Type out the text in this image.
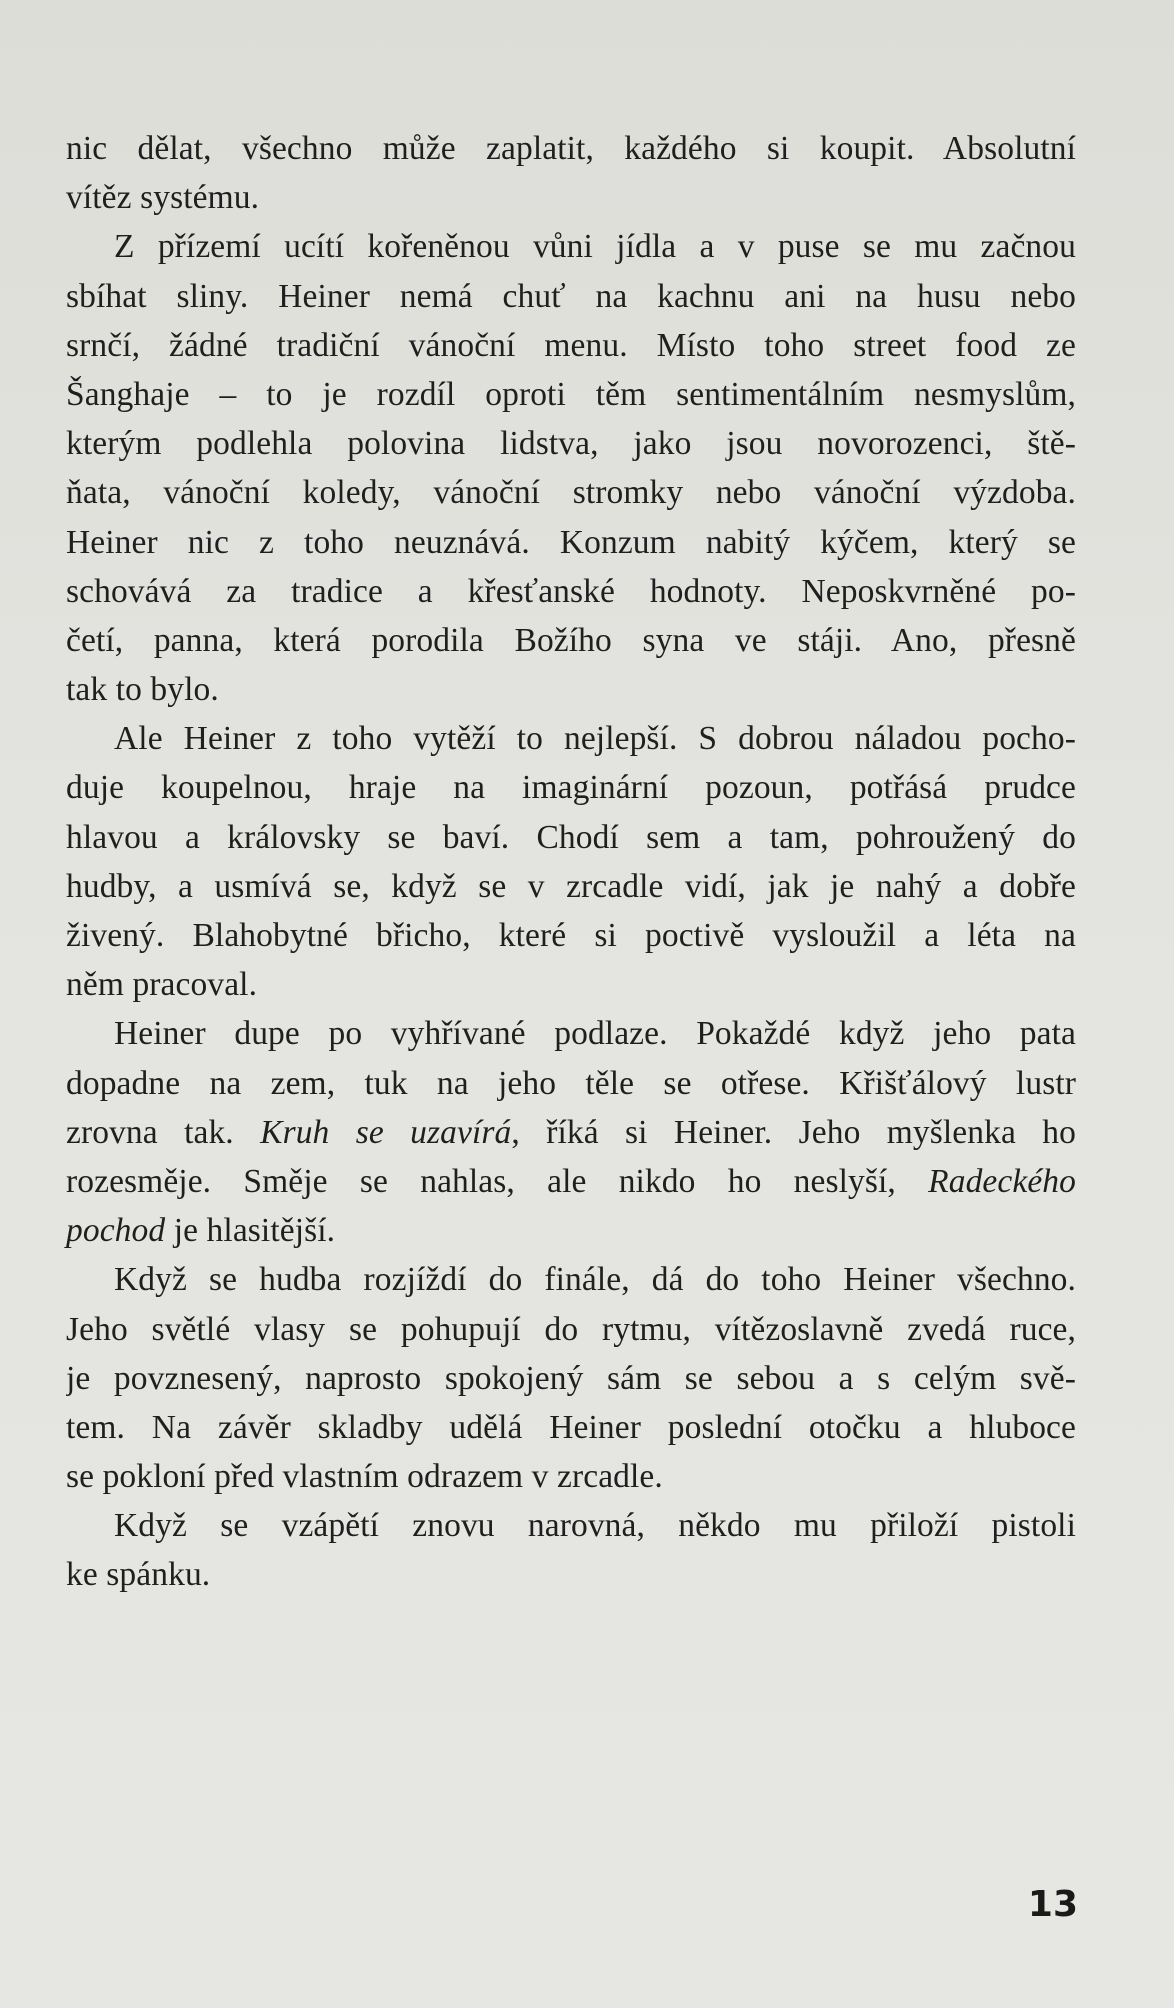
nic dělat, všechno může zaplatit, každého si koupit. Absolutní
vítěz systému.
Z přízemí ucítí kořeněnou vůni jídla a v puse se mu začnou
sbíhat sliny. Heiner nemá chuť na kachnu ani na husu nebo
srnčí, žádné tradiční vánoční menu. Místo toho street food ze
Šanghaje – to je rozdíl oproti těm sentimentálním nesmyslům,
kterým podlehla polovina lidstva, jako jsou novorozenci, ště-
ňata, vánoční koledy, vánoční stromky nebo vánoční výzdoba.
Heiner nic z toho neuznává. Konzum nabitý kýčem, který se
schovává za tradice a křesťanské hodnoty. Neposkvrněné po-
četí, panna, která porodila Božího syna ve stáji. Ano, přesně
tak to bylo.
Ale Heiner z toho vytěží to nejlepší. S dobrou náladou pocho-
duje koupelnou, hraje na imaginární pozoun, potřásá prudce
hlavou a královsky se baví. Chodí sem a tam, pohroužený do
hudby, a usmívá se, když se v zrcadle vidí, jak je nahý a dobře
živený. Blahobytné břicho, které si poctivě vysloužil a léta na
něm pracoval.
Heiner dupe po vyhřívané podlaze. Pokaždé když jeho pata
dopadne na zem, tuk na jeho těle se otřese. Křišťálový lustr
zrovna tak. Kruh se uzavírá, říká si Heiner. Jeho myšlenka ho
rozesměje. Směje se nahlas, ale nikdo ho neslyší, Radeckého
pochod je hlasitější.
Když se hudba rozjíždí do finále, dá do toho Heiner všechno.
Jeho světlé vlasy se pohupují do rytmu, vítězoslavně zvedá ruce,
je povznesený, naprosto spokojený sám se sebou a s celým svě-
tem. Na závěr skladby udělá Heiner poslední otočku a hluboce
se pokloní před vlastním odrazem v zrcadle.
Když se vzápětí znovu narovná, někdo mu přiloží pistoli
ke spánku.
13
